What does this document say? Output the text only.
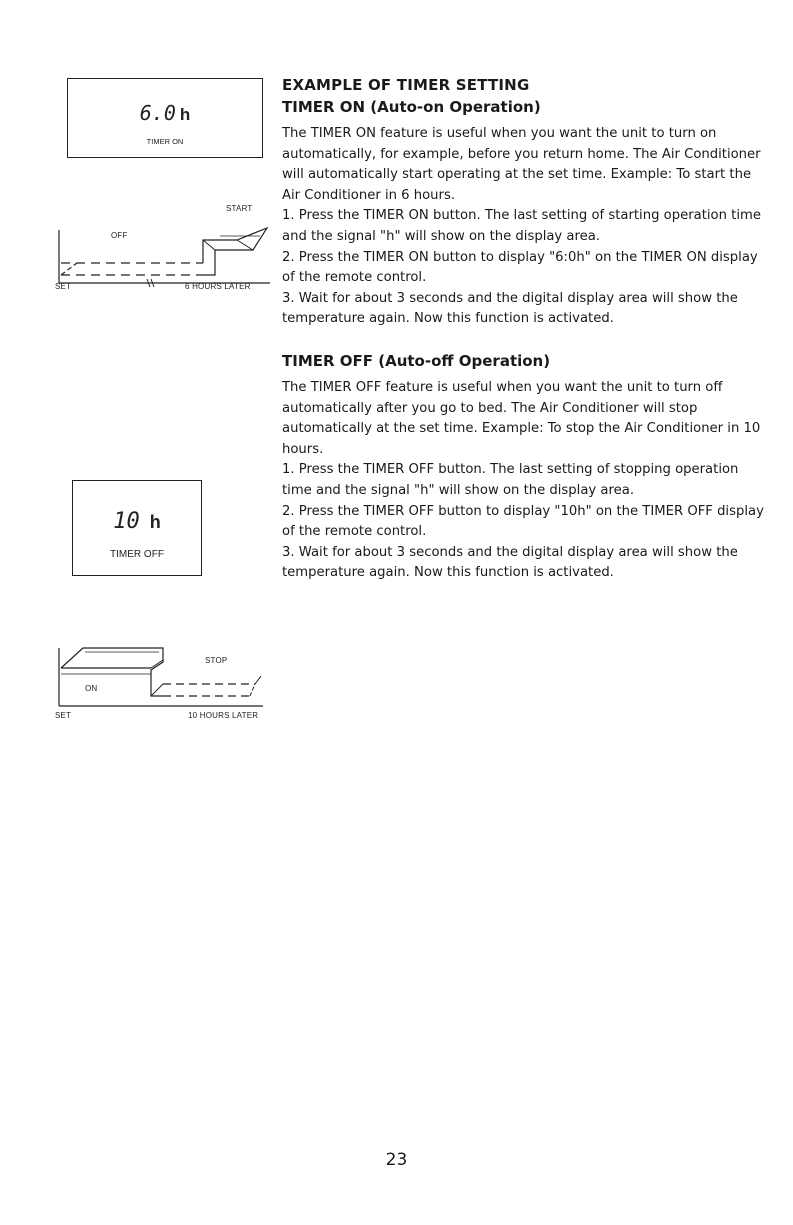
6.0 h
TIMER ON
START
OFF
SET	6 HOURS LATER
10 h
TIMER OFF
STOP
ON
SET	10 HOURS LATER
EXAMPLE OF TIMER SETTING
TIMER ON (Auto-on Operation)

The TIMER ON feature is useful when you want the unit to turn on automatically, for example, before you return home. The Air Conditioner will automatically start operating at the set time. Example: To start the Air Conditioner in 6 hours.

1. Press the TIMER ON button. The last setting of starting operation time and the signal "h" will show on the display area.

2. Press the TIMER ON button to display "6:0h" on the TIMER ON display of the remote control.

3. Wait for about 3 seconds and the digital display area will show the temperature again. Now this function is activated.

TIMER OFF (Auto-off Operation)

The TIMER OFF feature is useful when you want the unit to turn off automatically after you go to bed. The Air Conditioner will stop automatically at the set time. Example: To stop the Air Conditioner in 10 hours.

1. Press the TIMER OFF button. The last setting of stopping operation time and the signal "h" will show on the display area.

2. Press the TIMER OFF button to display "10h" on the TIMER OFF display of the remote control.

3. Wait for about 3 seconds and the digital display area will show the temperature again. Now this function is activated.

23
